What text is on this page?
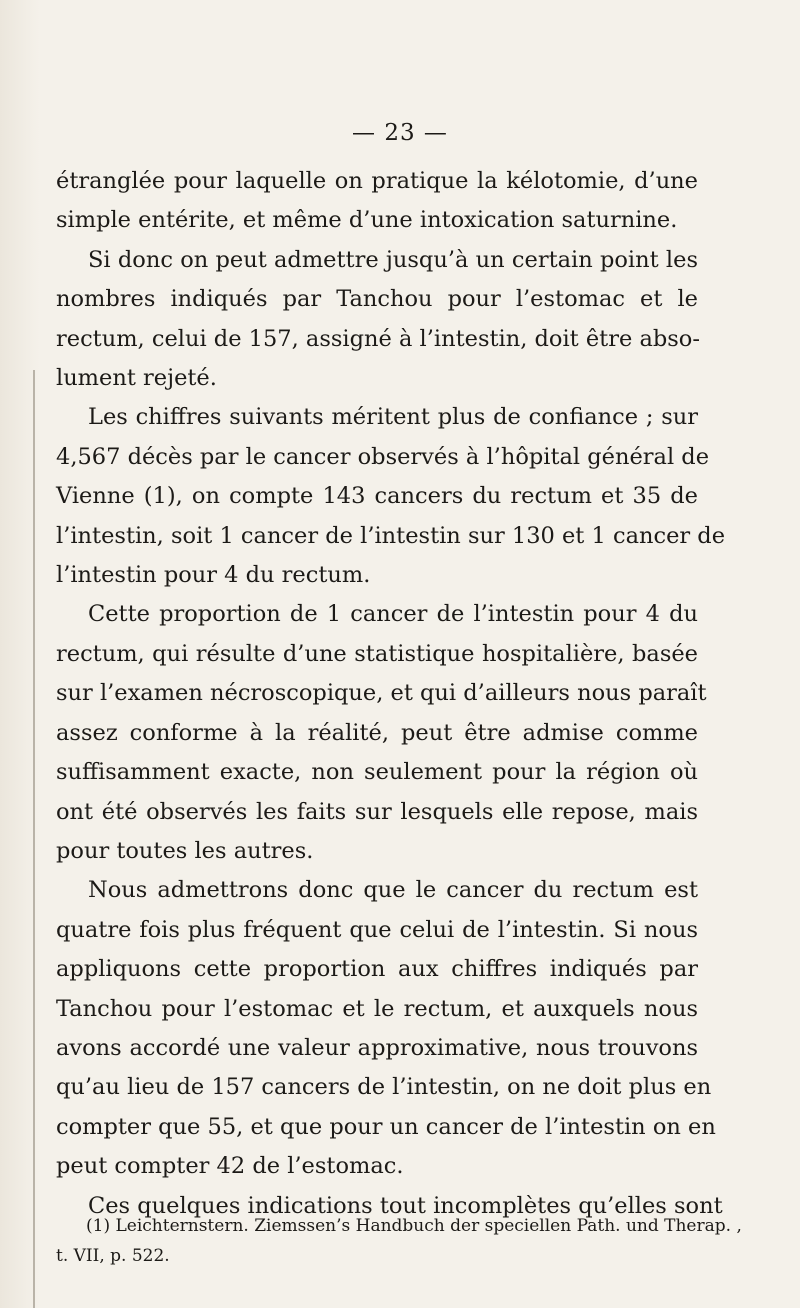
— 23 —
étranglée pour laquelle on pratique la kélotomie, d’une
simple entérite, et même d’une intoxication saturnine.
Si donc on peut admettre jusqu’à un certain point les
nombres indiqués par Tanchou pour l’estomac et le
rectum, celui de 157, assigné à l’intestin, doit être abso-
lument rejeté.
Les chiffres suivants méritent plus de confiance ; sur
4,567 décès par le cancer observés à l’hôpital général de
Vienne (1), on compte 143 cancers du rectum et 35 de
l’intestin, soit 1 cancer de l’intestin sur 130 et 1 cancer de
l’intestin pour 4 du rectum.
Cette proportion de 1 cancer de l’intestin pour 4 du
rectum, qui résulte d’une statistique hospitalière, basée
sur l’examen nécroscopique, et qui d’ailleurs nous paraît
assez conforme à la réalité, peut être admise comme
suffisamment exacte, non seulement pour la région où
ont été observés les faits sur lesquels elle repose, mais
pour toutes les autres.
Nous admettrons donc que le cancer du rectum est
quatre fois plus fréquent que celui de l’intestin. Si nous
appliquons cette proportion aux chiffres indiqués par
Tanchou pour l’estomac et le rectum, et auxquels nous
avons accordé une valeur approximative, nous trouvons
qu’au lieu de 157 cancers de l’intestin, on ne doit plus en
compter que 55, et que pour un cancer de l’intestin on en
peut compter 42 de l’estomac.
Ces quelques indications tout incomplètes qu’elles sont
(1) Leichternstern. Ziemssen’s Handbuch der speciellen Path. und Therap. ,
t. VII, p. 522.
